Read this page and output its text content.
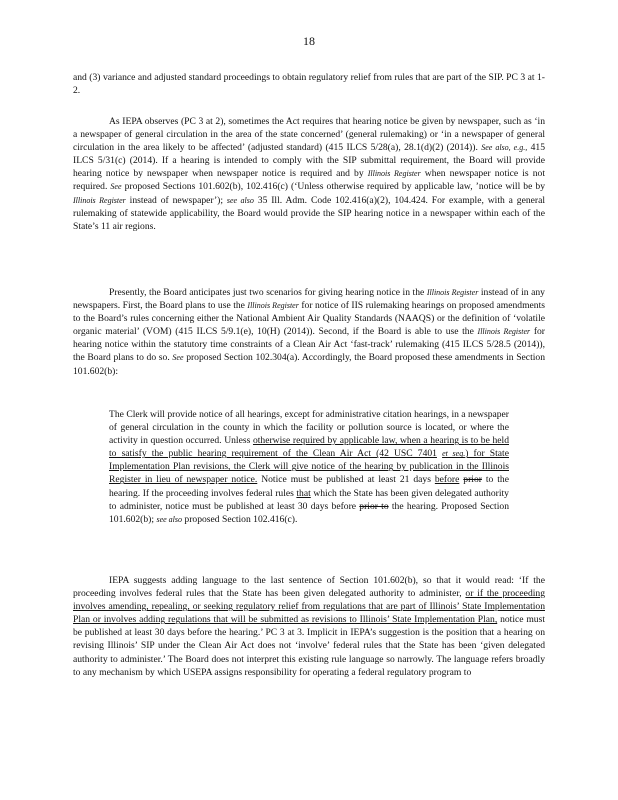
18

and (3) variance and adjusted standard proceedings to obtain regulatory relief from rules that are part of the SIP. PC 3 at 1-2.

As IEPA observes (PC 3 at 2), sometimes the Act requires that hearing notice be given by newspaper, such as ‘in a newspaper of general circulation in the area of the state concerned’ (general rulemaking) or ‘in a newspaper of general circulation in the area likely to be affected’ (adjusted standard) (415 ILCS 5/28(a), 28.1(d)(2) (2014)). See also, e.g., 415 ILCS 5/31(c) (2014). If a hearing is intended to comply with the SIP submittal requirement, the Board will provide hearing notice by newspaper when newspaper notice is required and by Illinois Register when newspaper notice is not required. See proposed Sections 101.602(b), 102.416(c) (‘Unless otherwise required by applicable law, ’notice will be by Illinois Register instead of newspaper’); see also 35 Ill. Adm. Code 102.416(a)(2), 104.424. For example, with a general rulemaking of statewide applicability, the Board would provide the SIP hearing notice in a newspaper within each of the State’s 11 air regions.

Presently, the Board anticipates just two scenarios for giving hearing notice in the Illinois Register instead of in any newspapers. First, the Board plans to use the Illinois Register for notice of IIS rulemaking hearings on proposed amendments to the Board’s rules concerning either the National Ambient Air Quality Standards (NAAQS) or the definition of ‘volatile organic material’ (VOM) (415 ILCS 5/9.1(e), 10(H) (2014)). Second, if the Board is able to use the Illinois Register for hearing notice within the statutory time constraints of a Clean Air Act ‘fast-track’ rulemaking (415 ILCS 5/28.5 (2014)), the Board plans to do so. See proposed Section 102.304(a). Accordingly, the Board proposed these amendments in Section 101.602(b):

The Clerk will provide notice of all hearings, except for administrative citation hearings, in a newspaper of general circulation in the county in which the facility or pollution source is located, or where the activity in question occurred. Unless otherwise required by applicable law, when a hearing is to be held to satisfy the public hearing requirement of the Clean Air Act (42 USC 7401 et seq.) for State Implementation Plan revisions, the Clerk will give notice of the hearing by publication in the Illinois Register in lieu of newspaper notice. Notice must be published at least 21 days before prior to the hearing. If the proceeding involves federal rules that which the State has been given delegated authority to administer, notice must be published at least 30 days before prior to the hearing. Proposed Section 101.602(b); see also proposed Section 102.416(c).

IEPA suggests adding language to the last sentence of Section 101.602(b), so that it would read: ‘If the proceeding involves federal rules that the State has been given delegated authority to administer, or if the proceeding involves amending, repealing, or seeking regulatory relief from regulations that are part of Illinois’ State Implementation Plan or involves adding regulations that will be submitted as revisions to Illinois’ State Implementation Plan, notice must be published at least 30 days before the hearing.’ PC 3 at 3. Implicit in IEPA’s suggestion is the position that a hearing on revising Illinois’ SIP under the Clean Air Act does not ‘involve’ federal rules that the State has been ‘given delegated authority to administer.’ The Board does not interpret this existing rule language so narrowly. The language refers broadly to any mechanism by which USEPA assigns responsibility for operating a federal regulatory program to
